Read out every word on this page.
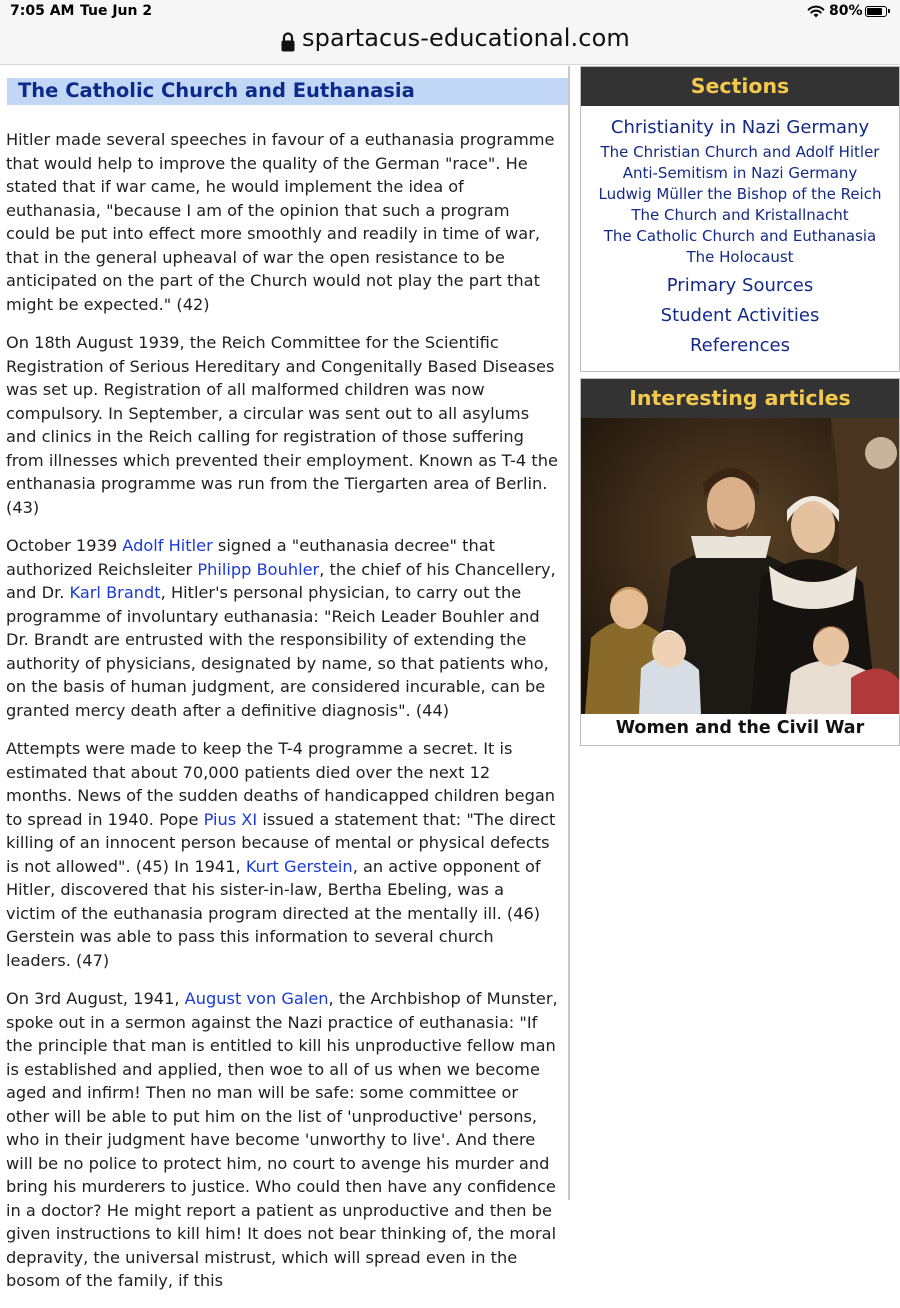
7:05 AM Tue Jun 2	80%
spartacus-educational.com
The Catholic Church and Euthanasia

Hitler made several speeches in favour of a euthanasia programme that would help to improve the quality of the German "race". He stated that if war came, he would implement the idea of euthanasia, "because I am of the opinion that such a program could be put into effect more smoothly and readily in time of war, that in the general upheaval of war the open resistance to be anticipated on the part of the Church would not play the part that might be expected." (42)

On 18th August 1939, the Reich Committee for the Scientific Registration of Serious Hereditary and Congenitally Based Diseases was set up. Registration of all malformed children was now compulsory. In September, a circular was sent out to all asylums and clinics in the Reich calling for registration of those suffering from illnesses which prevented their employment. Known as T-4 the enthanasia programme was run from the Tiergarten area of Berlin. (43)

October 1939 Adolf Hitler signed a "euthanasia decree" that authorized Reichsleiter Philipp Bouhler, the chief of his Chancellery, and Dr. Karl Brandt, Hitler's personal physician, to carry out the programme of involuntary euthanasia: "Reich Leader Bouhler and Dr. Brandt are entrusted with the responsibility of extending the authority of physicians, designated by name, so that patients who, on the basis of human judgment, are considered incurable, can be granted mercy death after a definitive diagnosis". (44)

Attempts were made to keep the T-4 programme a secret. It is estimated that about 70,000 patients died over the next 12 months. News of the sudden deaths of handicapped children began to spread in 1940. Pope Pius XI issued a statement that: "The direct killing of an innocent person because of mental or physical defects is not allowed". (45) In 1941, Kurt Gerstein, an active opponent of Hitler, discovered that his sister-in-law, Bertha Ebeling, was a victim of the euthanasia program directed at the mentally ill. (46) Gerstein was able to pass this information to several church leaders. (47)

On 3rd August, 1941, August von Galen, the Archbishop of Munster, spoke out in a sermon against the Nazi practice of euthanasia: "If the principle that man is entitled to kill his unproductive fellow man is established and applied, then woe to all of us when we become aged and infirm! Then no man will be safe: some committee or other will be able to put him on the list of 'unproductive' persons, who in their judgment have become 'unworthy to live'. And there will be no police to protect him, no court to avenge his murder and bring his murderers to justice. Who could then have any confidence in a doctor? He might report a patient as unproductive and then be given instructions to kill him! It does not bear thinking of, the moral depravity, the universal mistrust, which will spread even in the bosom of the family, if this

Sections
Christianity in Nazi Germany
The Christian Church and Adolf Hitler
Anti-Semitism in Nazi Germany
Ludwig Müller the Bishop of the Reich
The Church and Kristallnacht
The Catholic Church and Euthanasia
The Holocaust
Primary Sources
Student Activities
References
Interesting articles
Women and the Civil War
